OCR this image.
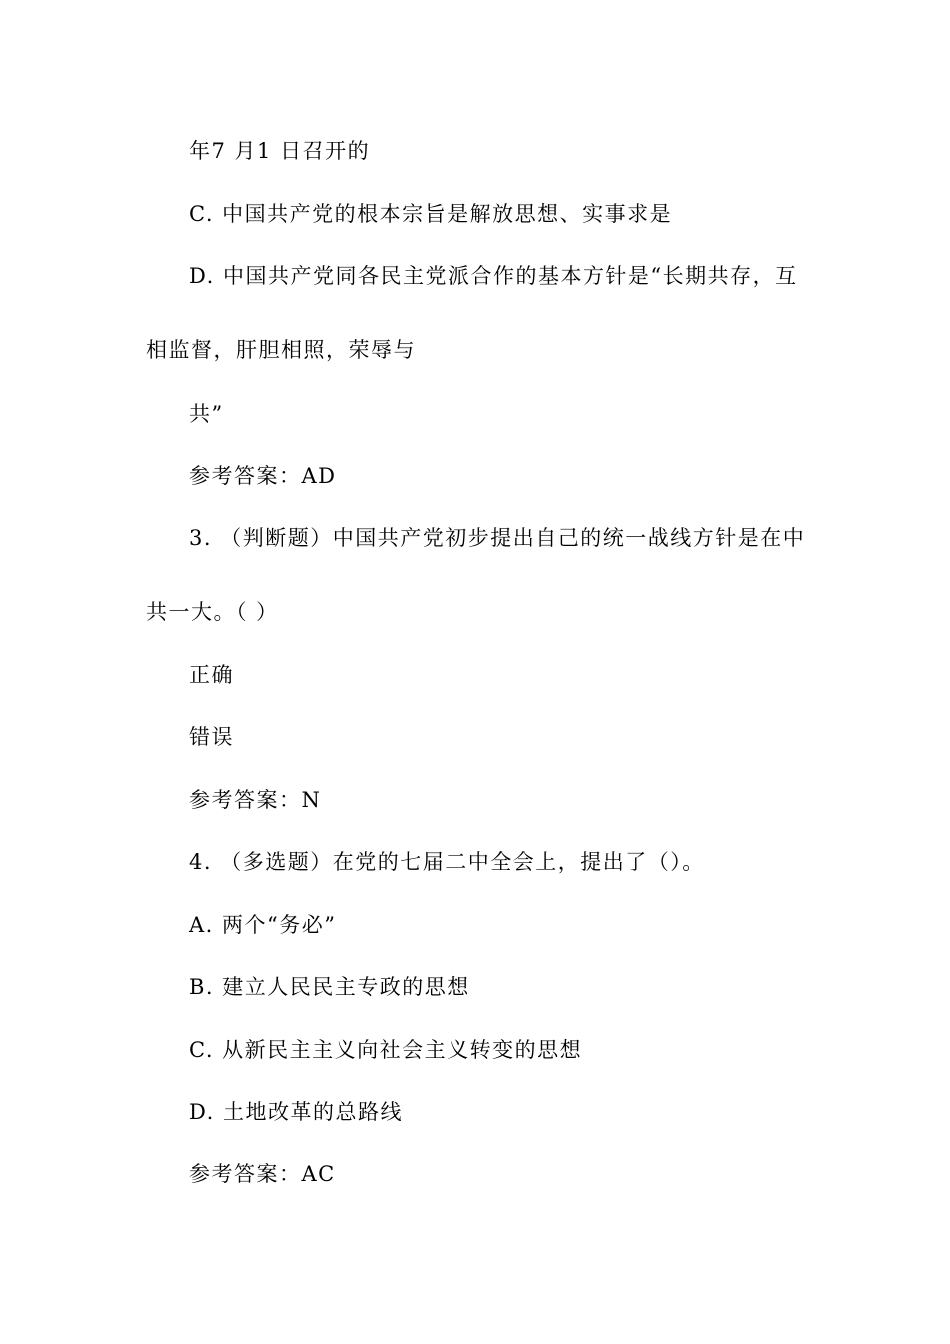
年7 月1 日召开的
C. 中国共产党的根本宗旨是解放思想、实事求是
D. 中国共产党同各民主党派合作的基本方针是“长期共存，互
相监督，肝胆相照，荣辱与
共”
参考答案：AD
3. （判断题）中国共产党初步提出自己的统一战线方针是在中
共一大。（ ）
正确
错误
参考答案：N
4. （多选题）在党的七届二中全会上，提出了（）。
A. 两个“务必”
B. 建立人民民主专政的思想
C. 从新民主主义向社会主义转变的思想
D. 土地改革的总路线
参考答案：AC
